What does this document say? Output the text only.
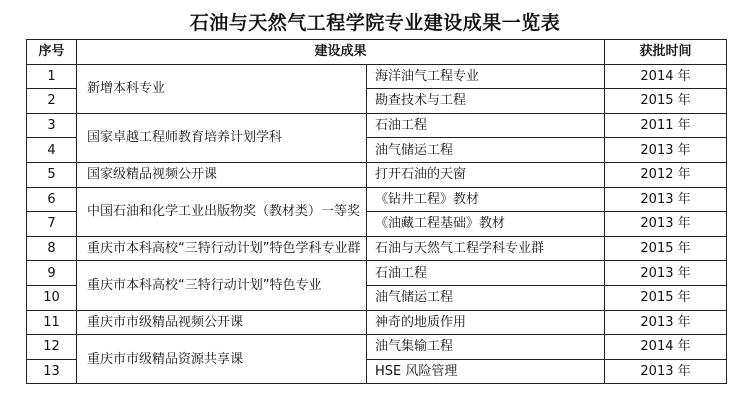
石油与天然气工程学院专业建设成果一览表
序号	建设成果		获批时间
1	新增本科专业	海洋油气工程专业	2014 年
2		勘查技术与工程	2015 年
3	国家卓越工程师教育培养计划学科	石油工程	2011 年
4		油气储运工程	2013 年
5	国家级精品视频公开课	打开石油的天窗	2012 年
6	中国石油和化学工业出版物奖（教材类）一等奖	《钻井工程》教材	2013 年
7		《油藏工程基础》教材	2013 年
8	重庆市本科高校“三特行动计划”特色学科专业群	石油与天然气工程学科专业群	2015 年
9	重庆市本科高校“三特行动计划”特色专业	石油工程	2013 年
10		油气储运工程	2015 年
11	重庆市市级精品视频公开课	神奇的地质作用	2013 年
12	重庆市市级精品资源共享课	油气集输工程	2014 年
13		HSE 风险管理	2013 年
